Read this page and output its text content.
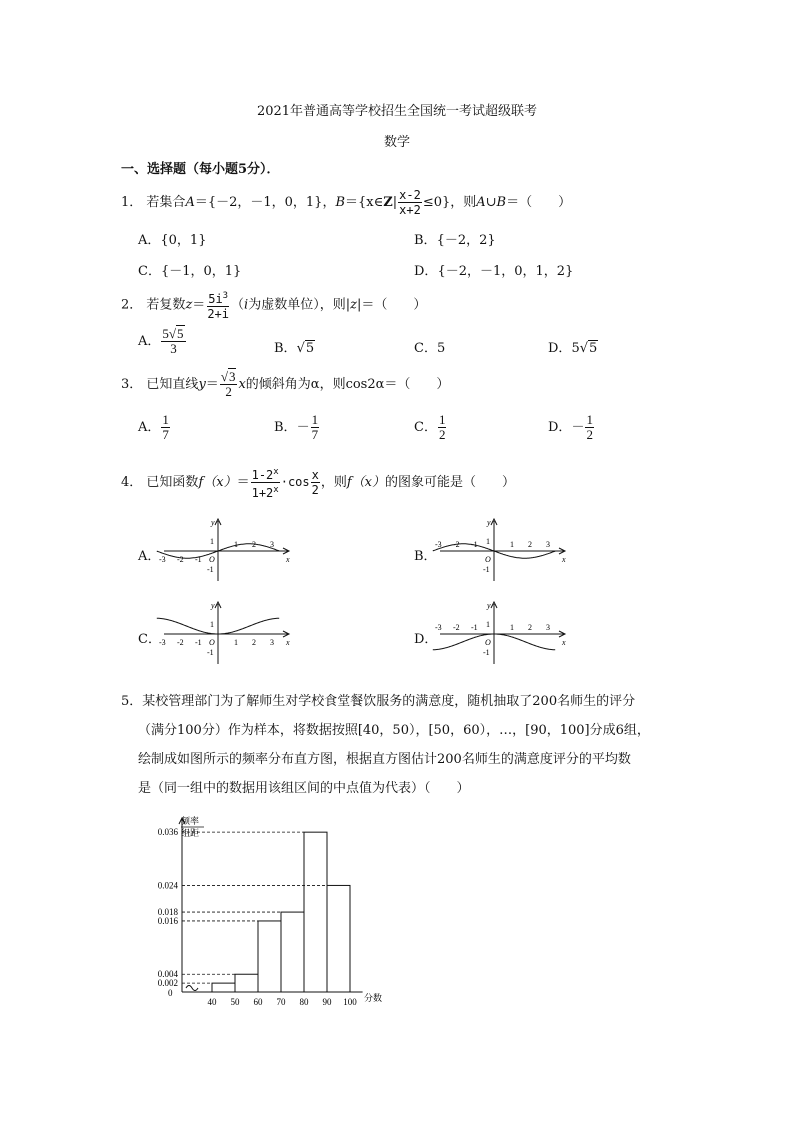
2021年普通高等学校招生全国统一考试超级联考
数学
一、选择题（每小题5分）．
1． 若集合A＝{－2，－1，0，1}，B＝{x∈Z| $\frac{x-2}{x+2} \le 0$}，则A∪B＝（　　）
A．{0，1}	B．{－2，2}
C．{－1，0，1}	D．{－2，－1，0，1，2}
2． 若复数$z= \frac{5i^3}{2+i} (i$为虚数单位），则|z|＝（　　）
A． $\frac{5√5}{3}$	B．√5	C．5	D．5√5
3． 已知直线$y= \frac{√3}{2}$ x的倾斜角为α，则cos2α＝（　　）
A． $\frac{1}{7}$	B．－ $\frac{1}{7}$	C． $\frac{1}{2}$	D．－ $\frac{1}{2}$
4． 已知函数$f(x)= \frac{1-2^x}{1+2^x} \cdot\cos \frac{x}{2}$ ，则f（x）的图象可能是（　　）
A．	B．
C．	D．
y
x
O
1
-1
-3 -2 -1
1 2 3
y
x
O
1
-1
-3 -2 -1	1 2 3
y
x
O
1
-1
-3 -2 -1	1 2 3
y
x
O
1
-1
-3 -2 -1	1 2 3
5．某校管理部门为了解师生对学校食堂餐饮服务的满意度，随机抽取了200名师生的评分
（满分100分）作为样本，将数据按照[40，50），[50，60），…，[90，100]分成6组，
绘制成如图所示的频率分布直方图，根据直方图估计200名师生的满意度评分的平均数
是（同一组中的数据用该组区间的中点值为代表）（　　）
频率
组距
0	分数
0.036
0.024
0.018
0.016
0.004
0.002
40 50 60 70 80 90 100
